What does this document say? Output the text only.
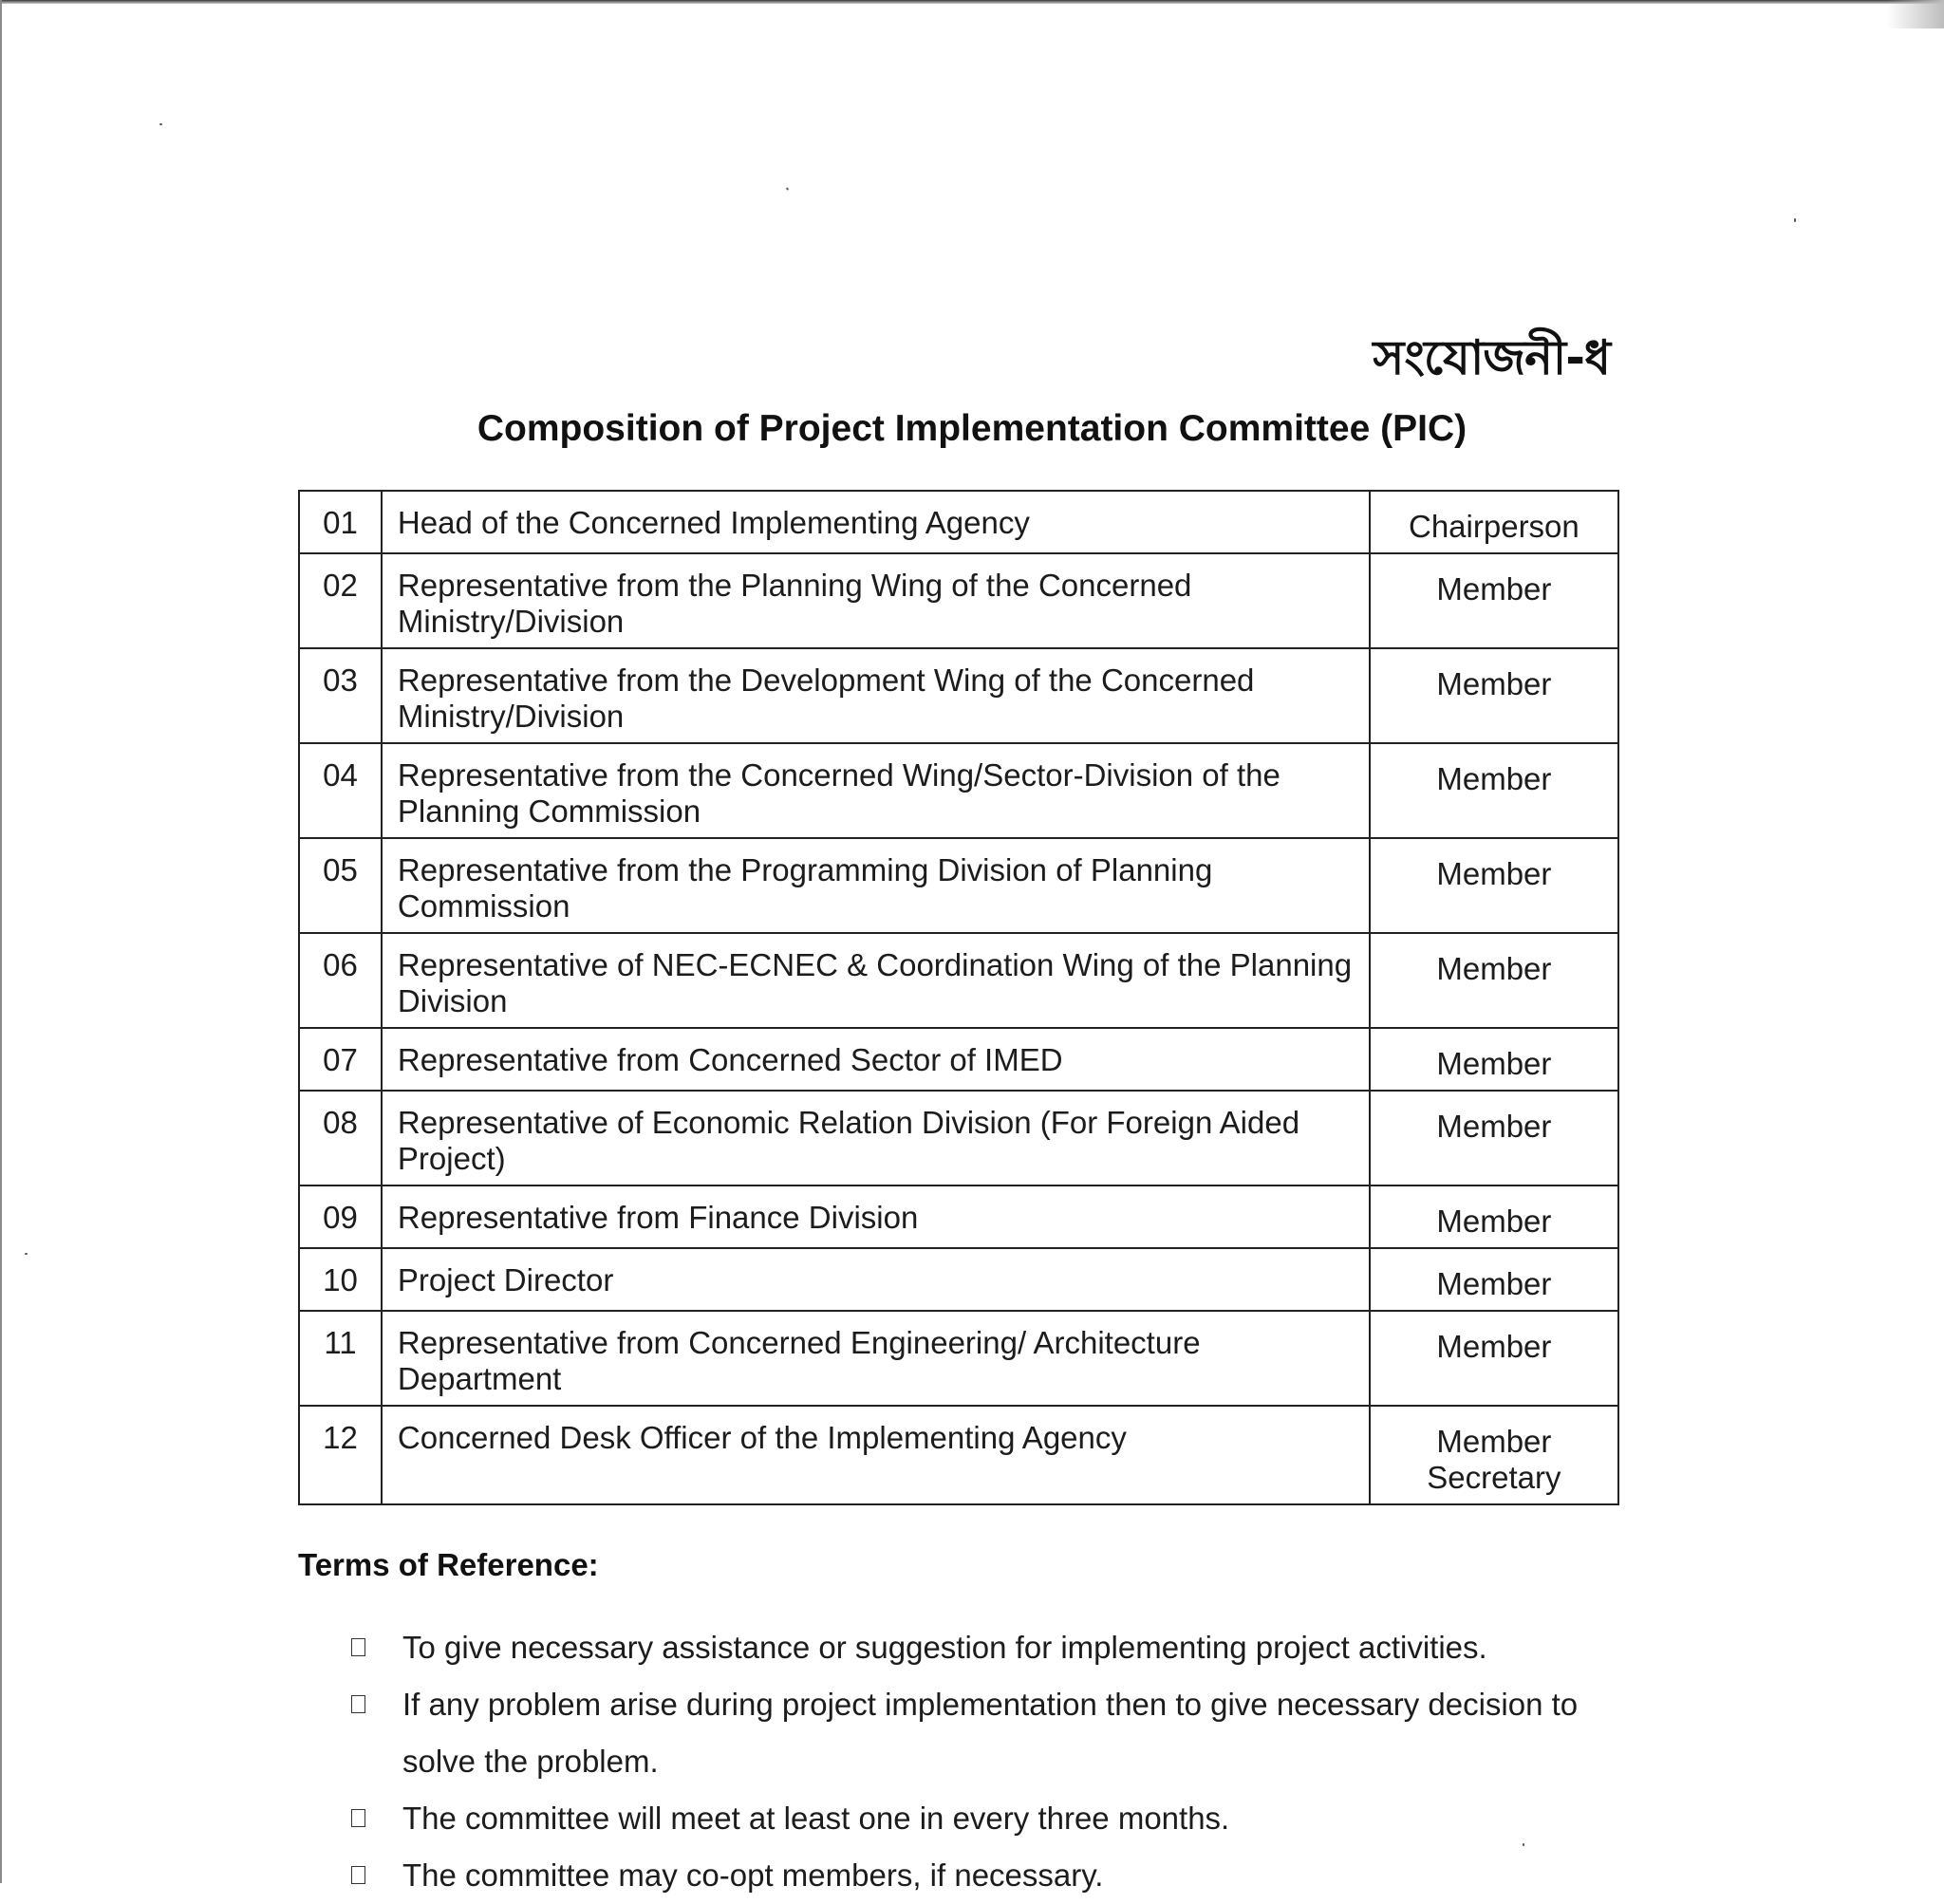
সংযোজনী-ধ
Composition of Project Implementation Committee (PIC)
01	Head of the Concerned Implementing Agency	Chairperson
02	Representative from the Planning Wing of the Concerned Ministry/Division	Member
03	Representative from the Development Wing of the Concerned Ministry/Division	Member
04	Representative from the Concerned Wing/Sector-Division of the Planning Commission	Member
05	Representative from the Programming Division of Planning Commission	Member
06	Representative of NEC-ECNEC & Coordination Wing of the Planning Division	Member
07	Representative from Concerned Sector of IMED	Member
08	Representative of Economic Relation Division (For Foreign Aided Project)	Member
09	Representative from Finance Division	Member
10	Project Director	Member
11	Representative from Concerned Engineering/ Architecture Department	Member
12	Concerned Desk Officer of the Implementing Agency	Member Secretary
Terms of Reference:
To give necessary assistance or suggestion for implementing project activities.
If any problem arise during project implementation then to give necessary decision to solve the problem.
The committee will meet at least one in every three months.
The committee may co-opt members, if necessary.
